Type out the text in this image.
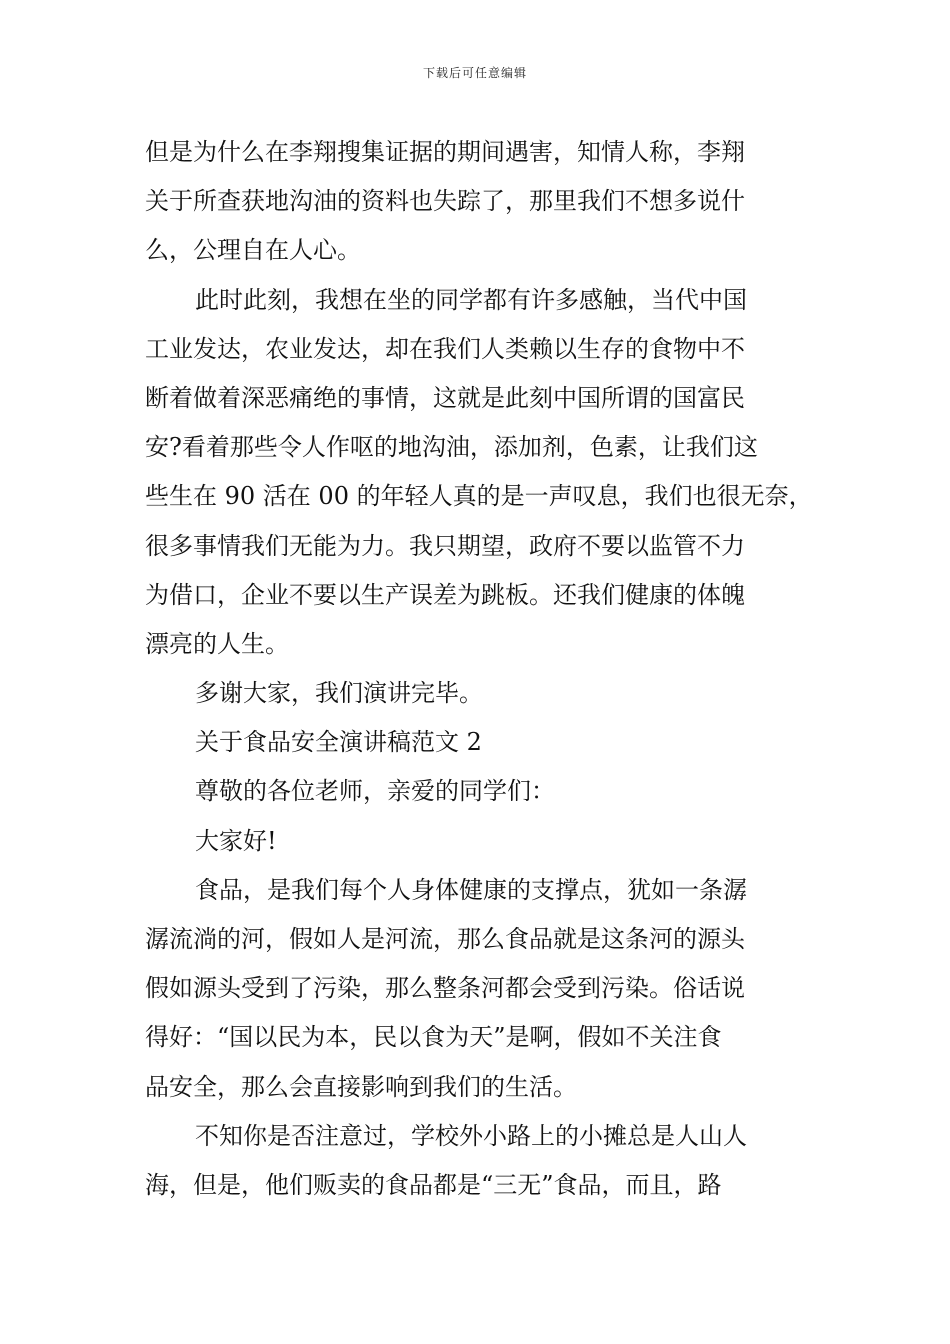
下载后可任意编辑
但是为什么在李翔搜集证据的期间遇害，知情人称，李翔
关于所查获地沟油的资料也失踪了，那里我们不想多说什
么，公理自在人心。
此时此刻，我想在坐的同学都有许多感触，当代中国
工业发达，农业发达，却在我们人类赖以生存的食物中不
断着做着深恶痛绝的事情，这就是此刻中国所谓的国富民
安?看着那些令人作呕的地沟油，添加剂，色素，让我们这
些生在 90 活在 00 的年轻人真的是一声叹息，我们也很无奈，
很多事情我们无能为力。我只期望，政府不要以监管不力
为借口，企业不要以生产误差为跳板。还我们健康的体魄
漂亮的人生。
多谢大家，我们演讲完毕。
关于食品安全演讲稿范文 2
尊敬的各位老师，亲爱的同学们：
大家好!
食品，是我们每个人身体健康的支撑点，犹如一条潺
潺流淌的河，假如人是河流，那么食品就是这条河的源头
假如源头受到了污染，那么整条河都会受到污染。俗话说
得好：“国以民为本，民以食为天”是啊，假如不关注食
品安全，那么会直接影响到我们的生活。
不知你是否注意过，学校外小路上的小摊总是人山人
海，但是，他们贩卖的食品都是“三无”食品，而且，路
